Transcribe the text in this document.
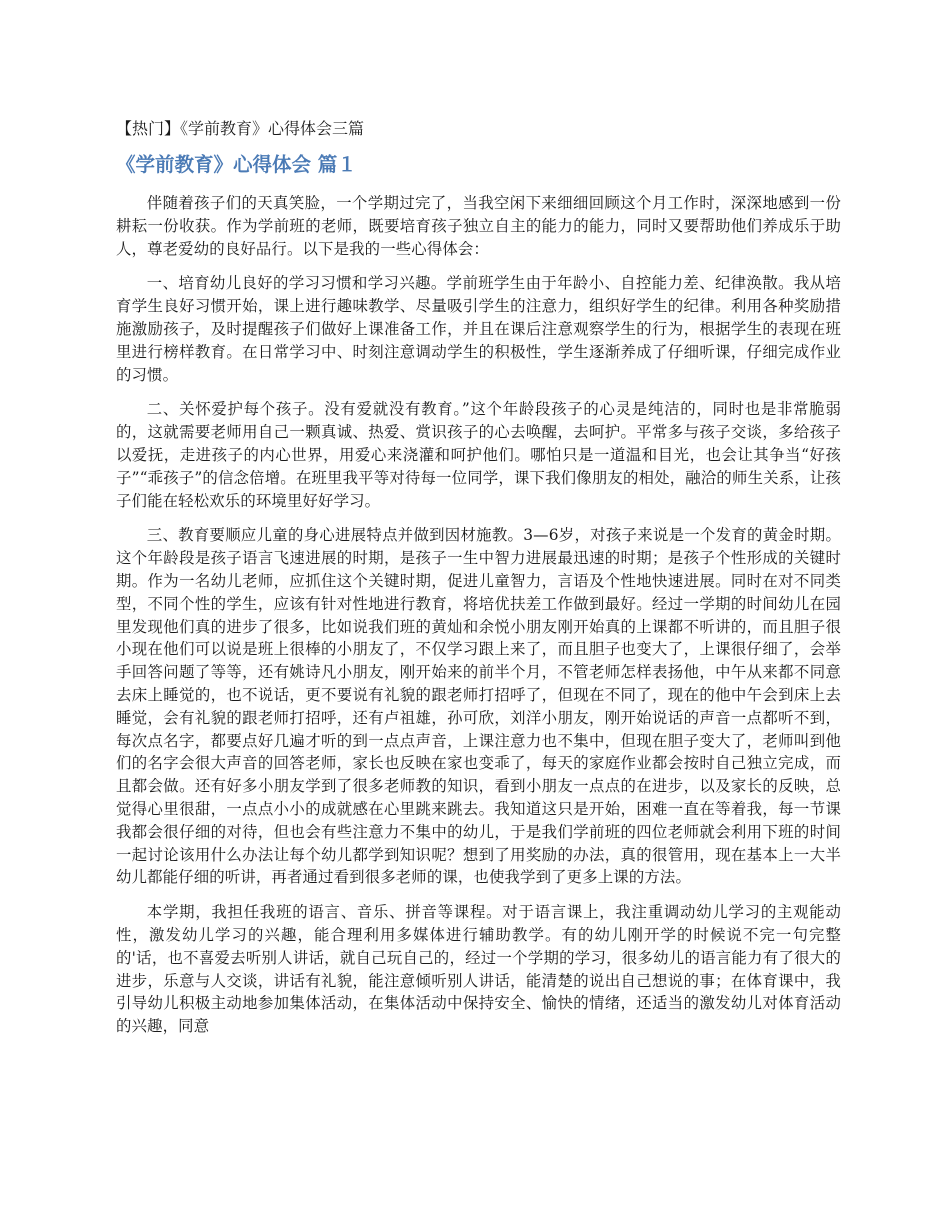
【热门】《学前教育》心得体会三篇
《学前教育》心得体会 篇１

伴随着孩子们的天真笑脸，一个学期过完了，当我空闲下来细细回顾这个月工作时，深深地感到一份耕耘一份收获。作为学前班的老师，既要培育孩子独立自主的能力的能力，同时又要帮助他们养成乐于助人，尊老爱幼的良好品行。以下是我的一些心得体会：

一、培育幼儿良好的学习习惯和学习兴趣。学前班学生由于年龄小、自控能力差、纪律涣散。我从培育学生良好习惯开始，课上进行趣味教学、尽量吸引学生的注意力，组织好学生的纪律。利用各种奖励措施激励孩子，及时提醒孩子们做好上课准备工作，并且在课后注意观察学生的行为，根据学生的表现在班里进行榜样教育。在日常学习中、时刻注意调动学生的积极性，学生逐渐养成了仔细听课，仔细完成作业的习惯。

二、关怀爱护每个孩子。没有爱就没有教育。”这个年龄段孩子的心灵是纯洁的，同时也是非常脆弱的，这就需要老师用自己一颗真诚、热爱、赏识孩子的心去唤醒，去呵护。平常多与孩子交谈，多给孩子以爱抚，走进孩子的内心世界，用爱心来浇灌和呵护他们。哪怕只是一道温和目光，也会让其争当“好孩子”“乖孩子”的信念倍增。在班里我平等对待每一位同学，课下我们像朋友的相处，融洽的师生关系，让孩子们能在轻松欢乐的环境里好好学习。

三、教育要顺应儿童的身心进展特点并做到因材施教。3—6岁，对孩子来说是一个发育的黄金时期。这个年龄段是孩子语言飞速进展的时期，是孩子一生中智力进展最迅速的时期；是孩子个性形成的关键时期。作为一名幼儿老师，应抓住这个关键时期，促进儿童智力，言语及个性地快速进展。同时在对不同类型，不同个性的学生，应该有针对性地进行教育，将培优扶差工作做到最好。经过一学期的时间幼儿在园里发现他们真的进步了很多，比如说我们班的黄灿和余悦小朋友刚开始真的上课都不听讲的，而且胆子很小现在他们可以说是班上很棒的小朋友了，不仅学习跟上来了，而且胆子也变大了，上课很仔细了，会举手回答问题了等等，还有姚诗凡小朋友，刚开始来的前半个月，不管老师怎样表扬他，中午从来都不同意去床上睡觉的，也不说话，更不要说有礼貌的跟老师打招呼了，但现在不同了，现在的他中午会到床上去睡觉，会有礼貌的跟老师打招呼，还有卢祖雄，孙可欣，刘洋小朋友，刚开始说话的声音一点都听不到，每次点名字，都要点好几遍才听的到一点点声音，上课注意力也不集中，但现在胆子变大了，老师叫到他们的名字会很大声音的回答老师，家长也反映在家也变乖了，每天的家庭作业都会按时自己独立完成，而且都会做。还有好多小朋友学到了很多老师教的知识，看到小朋友一点点的在进步，以及家长的反映，总觉得心里很甜，一点点小小的成就感在心里跳来跳去。我知道这只是开始，困难一直在等着我，每一节课我都会很仔细的对待，但也会有些注意力不集中的幼儿，于是我们学前班的四位老师就会利用下班的时间一起讨论该用什么办法让每个幼儿都学到知识呢？想到了用奖励的办法，真的很管用，现在基本上一大半幼儿都能仔细的听讲，再者通过看到很多老师的课，也使我学到了更多上课的方法。

本学期，我担任我班的语言、音乐、拼音等课程。对于语言课上，我注重调动幼儿学习的主观能动性，激发幼儿学习的兴趣，能合理利用多媒体进行辅助教学。有的幼儿刚开学的时候说不完一句完整的'话，也不喜爱去听别人讲话，就自己玩自己的，经过一个学期的学习，很多幼儿的语言能力有了很大的进步，乐意与人交谈，讲话有礼貌，能注意倾听别人讲话，能清楚的说出自己想说的事；在体育课中，我引导幼儿积极主动地参加集体活动，在集体活动中保持安全、愉快的情绪，还适当的激发幼儿对体育活动的兴趣，同意
